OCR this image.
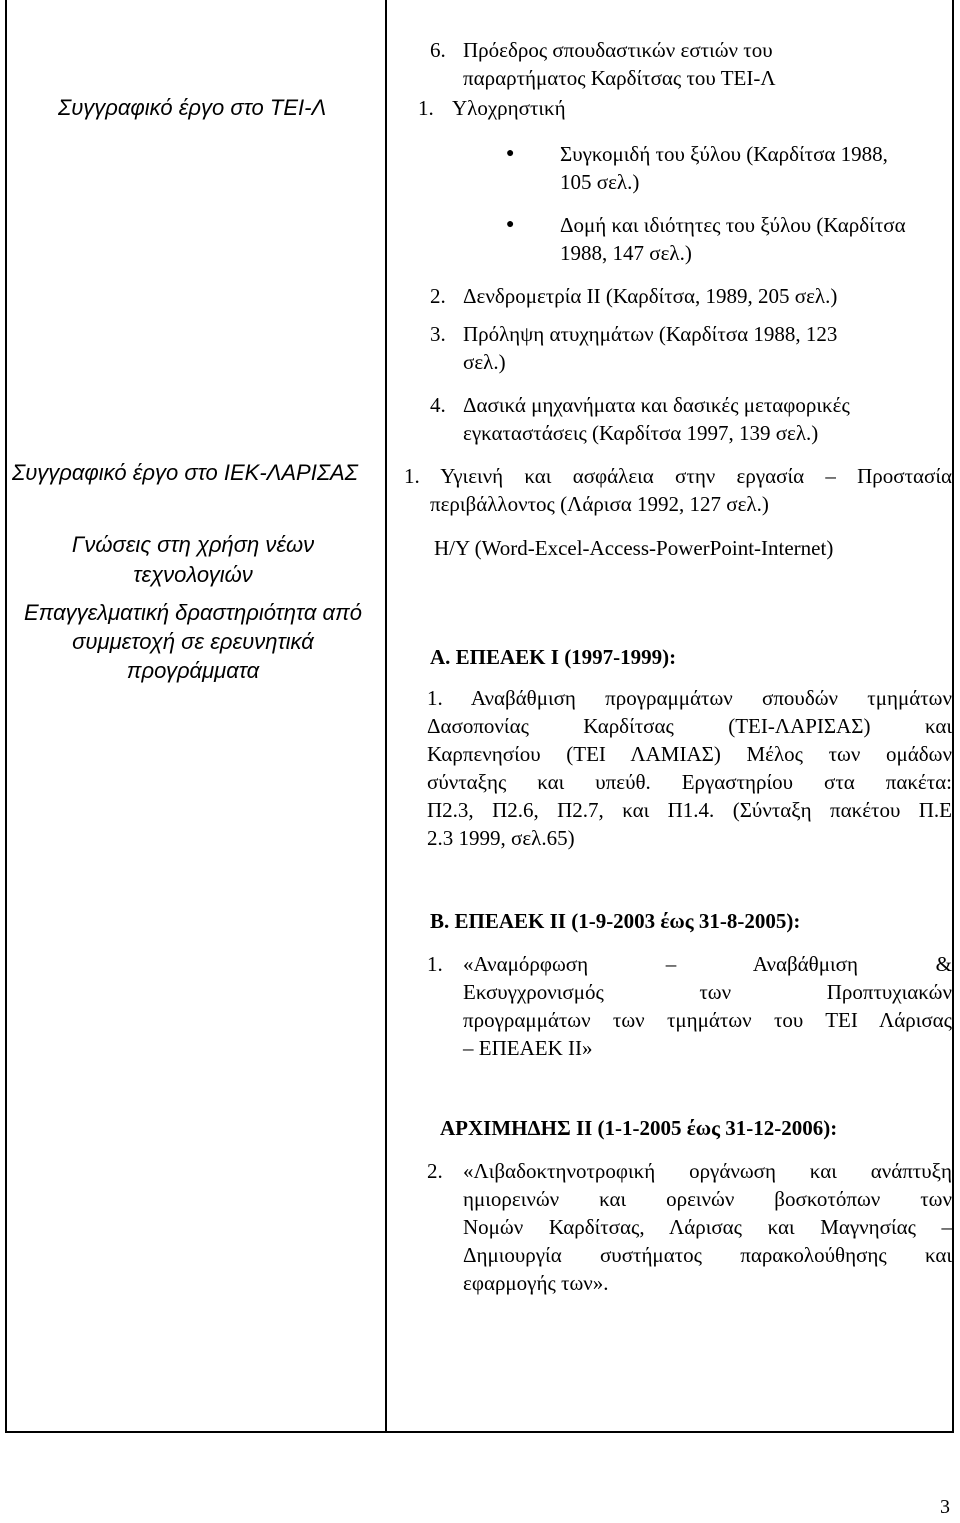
Συγγραφικό έργο στο ΤΕΙ-Λ
Συγγραφικό έργο στο ΙΕΚ-ΛΑΡΙΣΑΣ
Γνώσεις στη χρήση νέων
τεχνολογιών
Επαγγελματική δραστηριότητα από
συμμετοχή σε ερευνητικά
προγράμματα
6. Πρόεδρος σπουδαστικών εστιών του
παραρτήματος Καρδίτσας του ΤΕΙ-Λ
1. Υλοχρηστική
● Συγκομιδή του ξύλου (Καρδίτσα 1988,
105 σελ.)
● Δομή και ιδιότητες του ξύλου (Καρδίτσα
1988, 147 σελ.)
2. Δενδρομετρία ΙΙ (Καρδίτσα, 1989, 205 σελ.)
3. Πρόληψη ατυχημάτων (Καρδίτσα 1988, 123
σελ.)
4. Δασικά μηχανήματα και δασικές μεταφορικές
εγκαταστάσεις (Καρδίτσα 1997, 139 σελ.)
1. Υγιεινή και ασφάλεια στην εργασία – Προστασία
περιβάλλοντος (Λάρισα 1992, 127 σελ.)
Η/Υ (Word-Excel-Access-PowerPoint-Internet)
Α. ΕΠΕΑΕΚ Ι (1997-1999):
1. Αναβάθμιση προγραμμάτων σπουδών τμημάτων
Δασοπονίας Καρδίτσας (ΤΕΙ-ΛΑΡΙΣΑΣ) και
Καρπενησίου (ΤΕΙ ΛΑΜΙΑΣ) Μέλος των ομάδων
σύνταξης και υπεύθ. Εργαστηρίου στα πακέτα:
Π2.3, Π2.6, Π2.7, και Π1.4. (Σύνταξη πακέτου Π.Ε
2.3 1999, σελ.65)
Β. ΕΠΕΑΕΚ ΙΙ (1-9-2003 έως 31-8-2005):
1. «Αναμόρφωση – Αναβάθμιση &
Εκσυγχρονισμός των Προπτυχιακών
προγραμμάτων των τμημάτων του ΤΕΙ Λάρισας
– ΕΠΕΑΕΚ ΙΙ»
ΑΡΧΙΜΗΔΗΣ ΙΙ (1-1-2005 έως 31-12-2006):
2. «Λιβαδοκτηνοτροφική οργάνωση και ανάπτυξη
ημιορεινών και ορεινών βοσκοτόπων των
Νομών Καρδίτσας, Λάρισας και Μαγνησίας –
Δημιουργία συστήματος παρακολούθησης και
εφαρμογής των».
3
